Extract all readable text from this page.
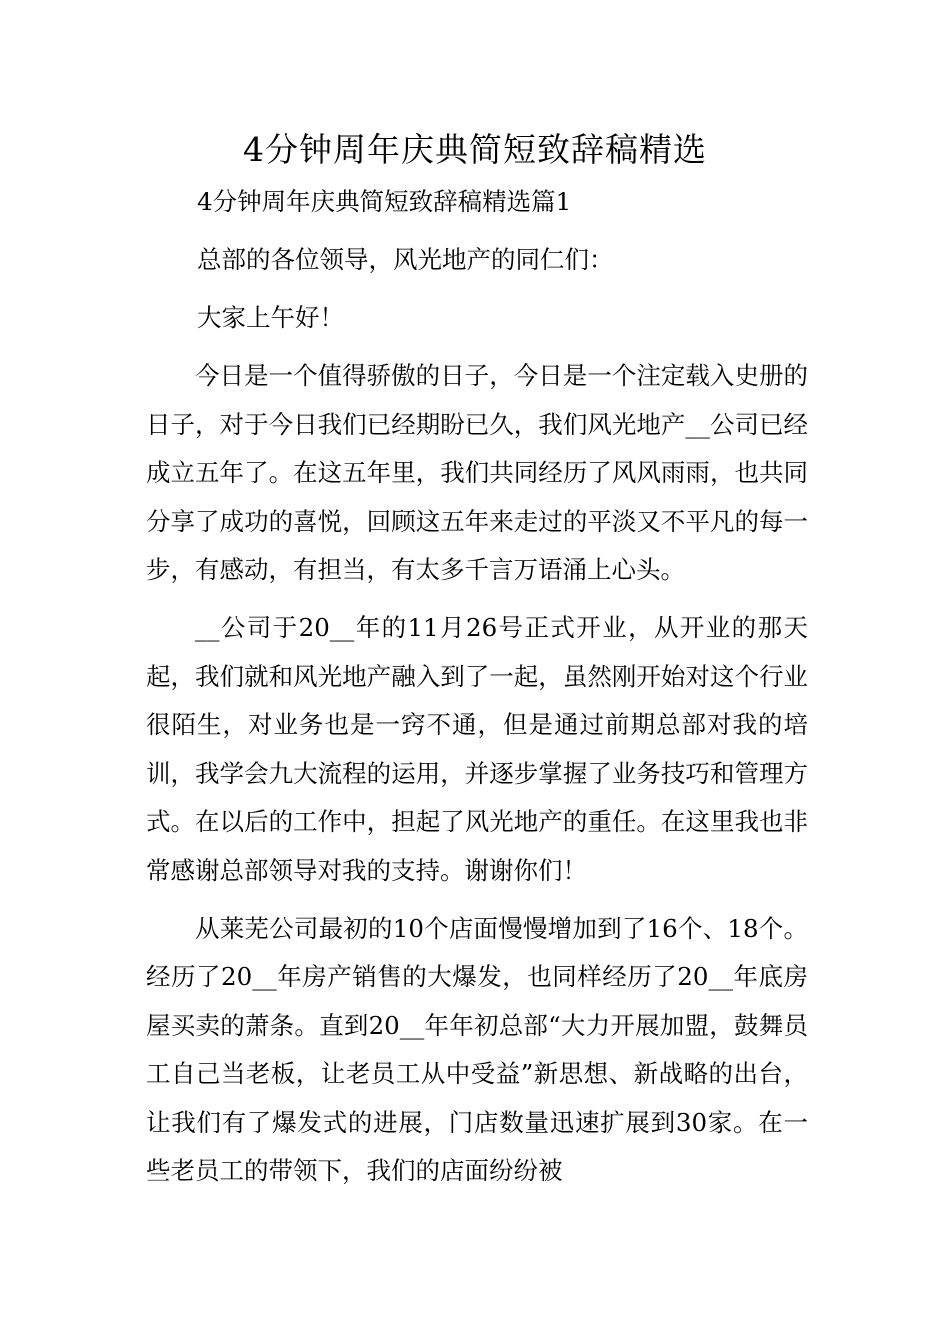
4分钟周年庆典简短致辞稿精选

4分钟周年庆典简短致辞稿精选篇1

总部的各位领导，风光地产的同仁们：

大家上午好！

今日是一个值得骄傲的日子，今日是一个注定载入史册的日子，对于今日我们已经期盼已久，我们风光地产__公司已经成立五年了。在这五年里，我们共同经历了风风雨雨，也共同分享了成功的喜悦，回顾这五年来走过的平淡又不平凡的每一步，有感动，有担当，有太多千言万语涌上心头。

__公司于20__年的11月26号正式开业，从开业的那天起，我们就和风光地产融入到了一起，虽然刚开始对这个行业很陌生，对业务也是一窍不通，但是通过前期总部对我的培训，我学会九大流程的运用，并逐步掌握了业务技巧和管理方式。在以后的工作中，担起了风光地产的重任。在这里我也非常感谢总部领导对我的支持。谢谢你们！

从莱芜公司最初的10个店面慢慢增加到了16个、18个。经历了20__年房产销售的大爆发，也同样经历了20__年底房屋买卖的萧条。直到20__年年初总部“大力开展加盟，鼓舞员工自己当老板，让老员工从中受益”新思想、新战略的出台，让我们有了爆发式的进展，门店数量迅速扩展到30家。在一些老员工的带领下，我们的店面纷纷被
